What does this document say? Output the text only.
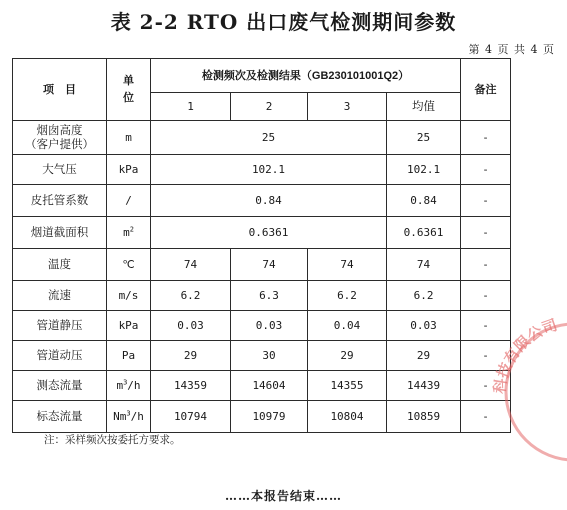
表 2-2 RTO 出口废气检测期间参数
第 4 页 共 4 页
项　目	单
位	检测频次及检测结果（GB230101001Q2）				备注
		1	2	3	均值	
烟囱高度
（客户提供）	m	25			25	-
大气压	kPa	102.1			102.1	-
皮托管系数	/	0.84			0.84	-
烟道截面积	$m^2$	0.6361			0.6361	-
温度	℃	74	74	74	74	-
流速	m/s	6.2	6.3	6.2	6.2	-
管道静压	kPa	0.03	0.03	0.04	0.03	-
管道动压	Pa	29	30	29	29	-
测态流量	$m^3/h$	14359	14604	14355	14439	-
标态流量	Nm$^3$/h	10794	10979	10804	10859	-
注：采样频次按委托方要求。
……本报告结束……
科技有限公司
